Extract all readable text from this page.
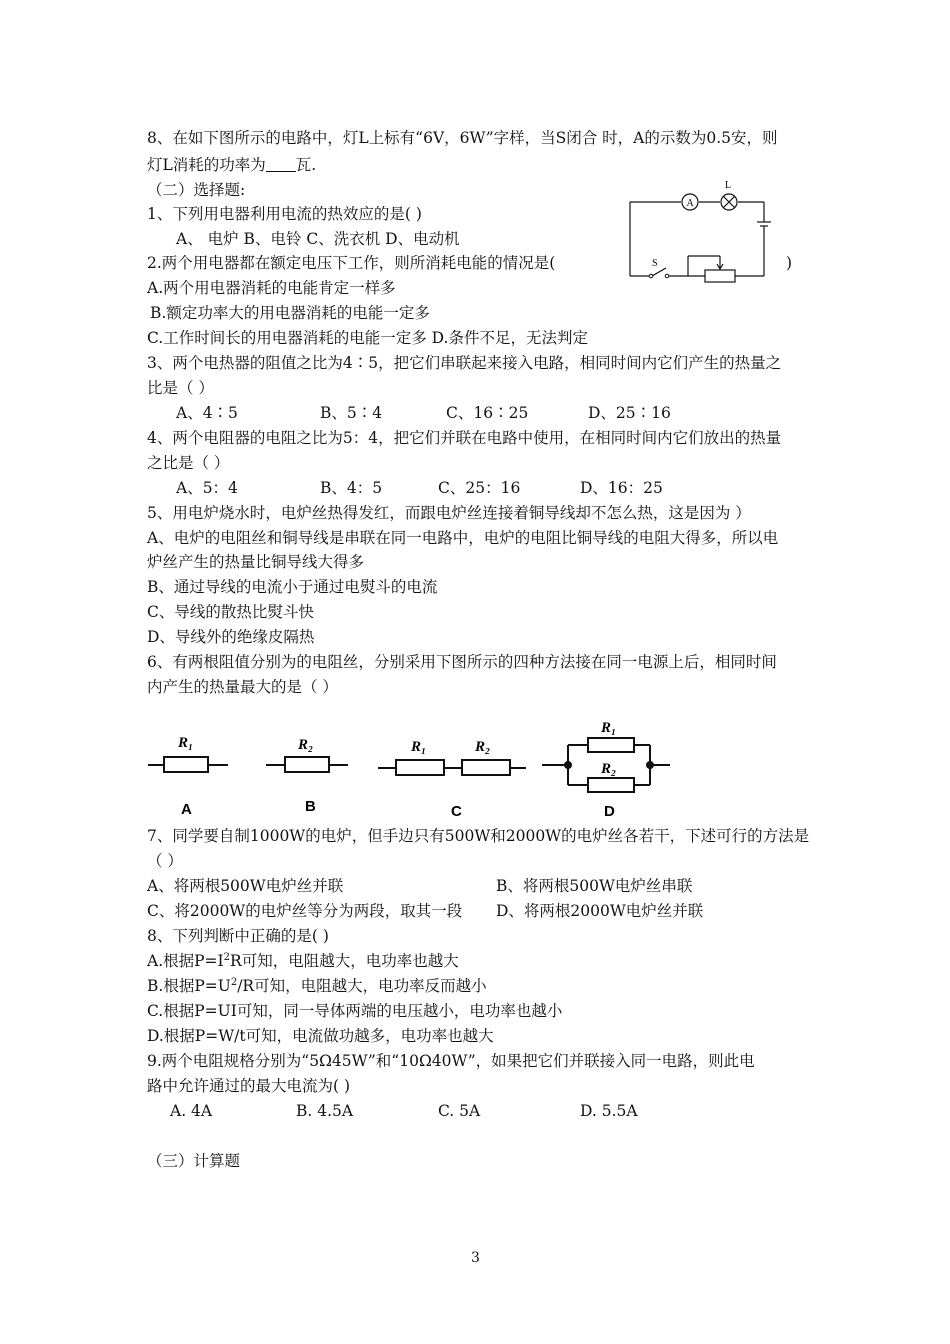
8、在如下图所示的电路中，灯L上标有“6V，6W”字样，当S闭合 时，A的示数为0.5安，则
灯L消耗的功率为 瓦.
（二）选择题:
1、下列用电器利用电流的热效应的是( )
A、 电炉 B、电铃 C、洗衣机 D、电动机
2.两个用电器都在额定电压下工作，则所消耗电能的情况是(	)
A.两个用电器消耗的电能肯定一样多
B.额定功率大的用电器消耗的电能一定多
C.工作时间长的用电器消耗的电能一定多 D.条件不足，无法判定
3、两个电热器的阻值之比为4∶5，把它们串联起来接入电路，相同时间内它们产生的热量之
比是（ ）
A、4∶5	B、5∶4	C、16∶25	D、25∶16
4、两个电阻器的电阻之比为5：4，把它们并联在电路中使用，在相同时间内它们放出的热量
之比是（ ）
A、5：4	B、4：5	C、25：16	D、16：25
5、用电炉烧水时，电炉丝热得发红，而跟电炉丝连接着铜导线却不怎么热，这是因为 ）
A、电炉的电阻丝和铜导线是串联在同一电路中，电炉的电阻比铜导线的电阻大得多，所以电
炉丝产生的热量比铜导线大得多
B、通过导线的电流小于通过电熨斗的电流
C、导线的散热比熨斗快
D、导线外的绝缘皮隔热
6、有两根阻值分别为的电阻丝，分别采用下图所示的四种方法接在同一电源上后，相同时间
内产生的热量最大的是（ ）
R₁	R₂	R₁	R₂
R₁
R₂
A	B	C	D
7、同学要自制1000W的电炉，但手边只有500W和2000W的电炉丝各若干，下述可行的方法是
（ ）
A、将两根500W电炉丝并联	B、将两根500W电炉丝串联
C、将2000W的电炉丝等分为两段，取其一段 D、将两根2000W电炉丝并联
8、下列判断中正确的是( )
A.根据$P=I^2R$可知，电阻越大，电功率也越大
B.根据$P=U^2/R$可知，电阻越大，电功率反而越小
C.根据P=UI可知，同一导体两端的电压越小，电功率也越小
D.根据P=W/t可知，电流做功越多，电功率也越大
9.两个电阻规格分别为“5Ω45W”和“10Ω40W”，如果把它们并联接入同一电路，则此电
路中允许通过的最大电流为( )
A. 4A	B. 4.5A	C. 5A	D. 5.5A
（三）计算题
3
A
L
S
